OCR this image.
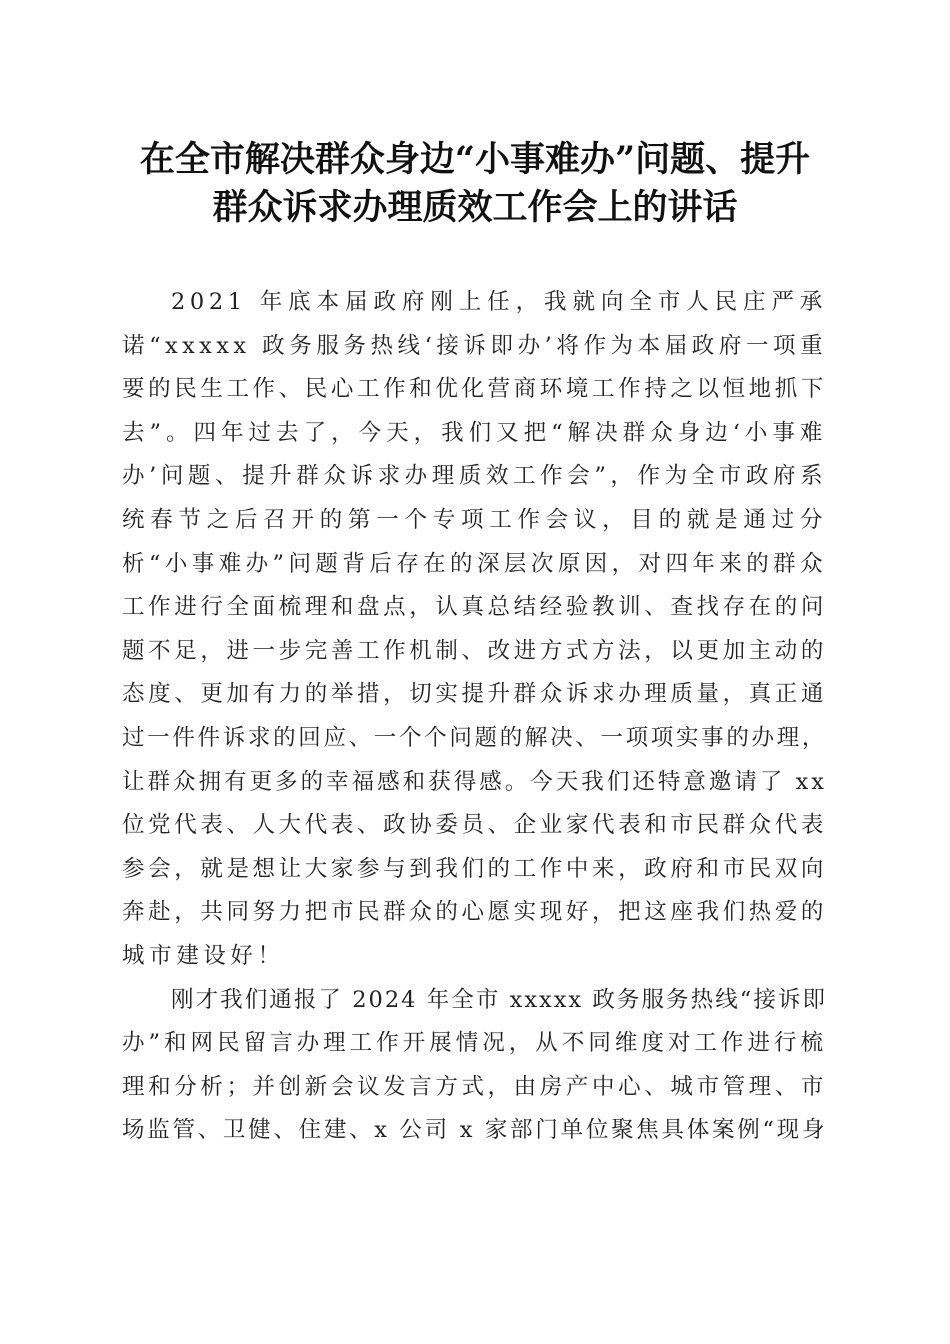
在全市解决群众身边“小事难办”问题、提升
群众诉求办理质效工作会上的讲话
2021 年底本届政府刚上任，我就向全市人民庄严承
诺“xxxxx 政务服务热线‘接诉即办’将作为本届政府一项重
要的民生工作、民心工作和优化营商环境工作持之以恒地抓下
去”。四年过去了，今天，我们又把“解决群众身边‘小事难
办’问题、提升群众诉求办理质效工作会”，作为全市政府系
统春节之后召开的第一个专项工作会议，目的就是通过分
析“小事难办”问题背后存在的深层次原因，对四年来的群众
工作进行全面梳理和盘点，认真总结经验教训、查找存在的问
题不足，进一步完善工作机制、改进方式方法，以更加主动的
态度、更加有力的举措，切实提升群众诉求办理质量，真正通
过一件件诉求的回应、一个个问题的解决、一项项实事的办理，
让群众拥有更多的幸福感和获得感。今天我们还特意邀请了 xx
位党代表、人大代表、政协委员、企业家代表和市民群众代表
参会，就是想让大家参与到我们的工作中来，政府和市民双向
奔赴，共同努力把市民群众的心愿实现好，把这座我们热爱的
城市建设好！
刚才我们通报了 2024 年全市 xxxxx 政务服务热线“接诉即
办”和网民留言办理工作开展情况，从不同维度对工作进行梳
理和分析；并创新会议发言方式，由房产中心、城市管理、市
场监管、卫健、住建、x 公司 x 家部门单位聚焦具体案例“现身
